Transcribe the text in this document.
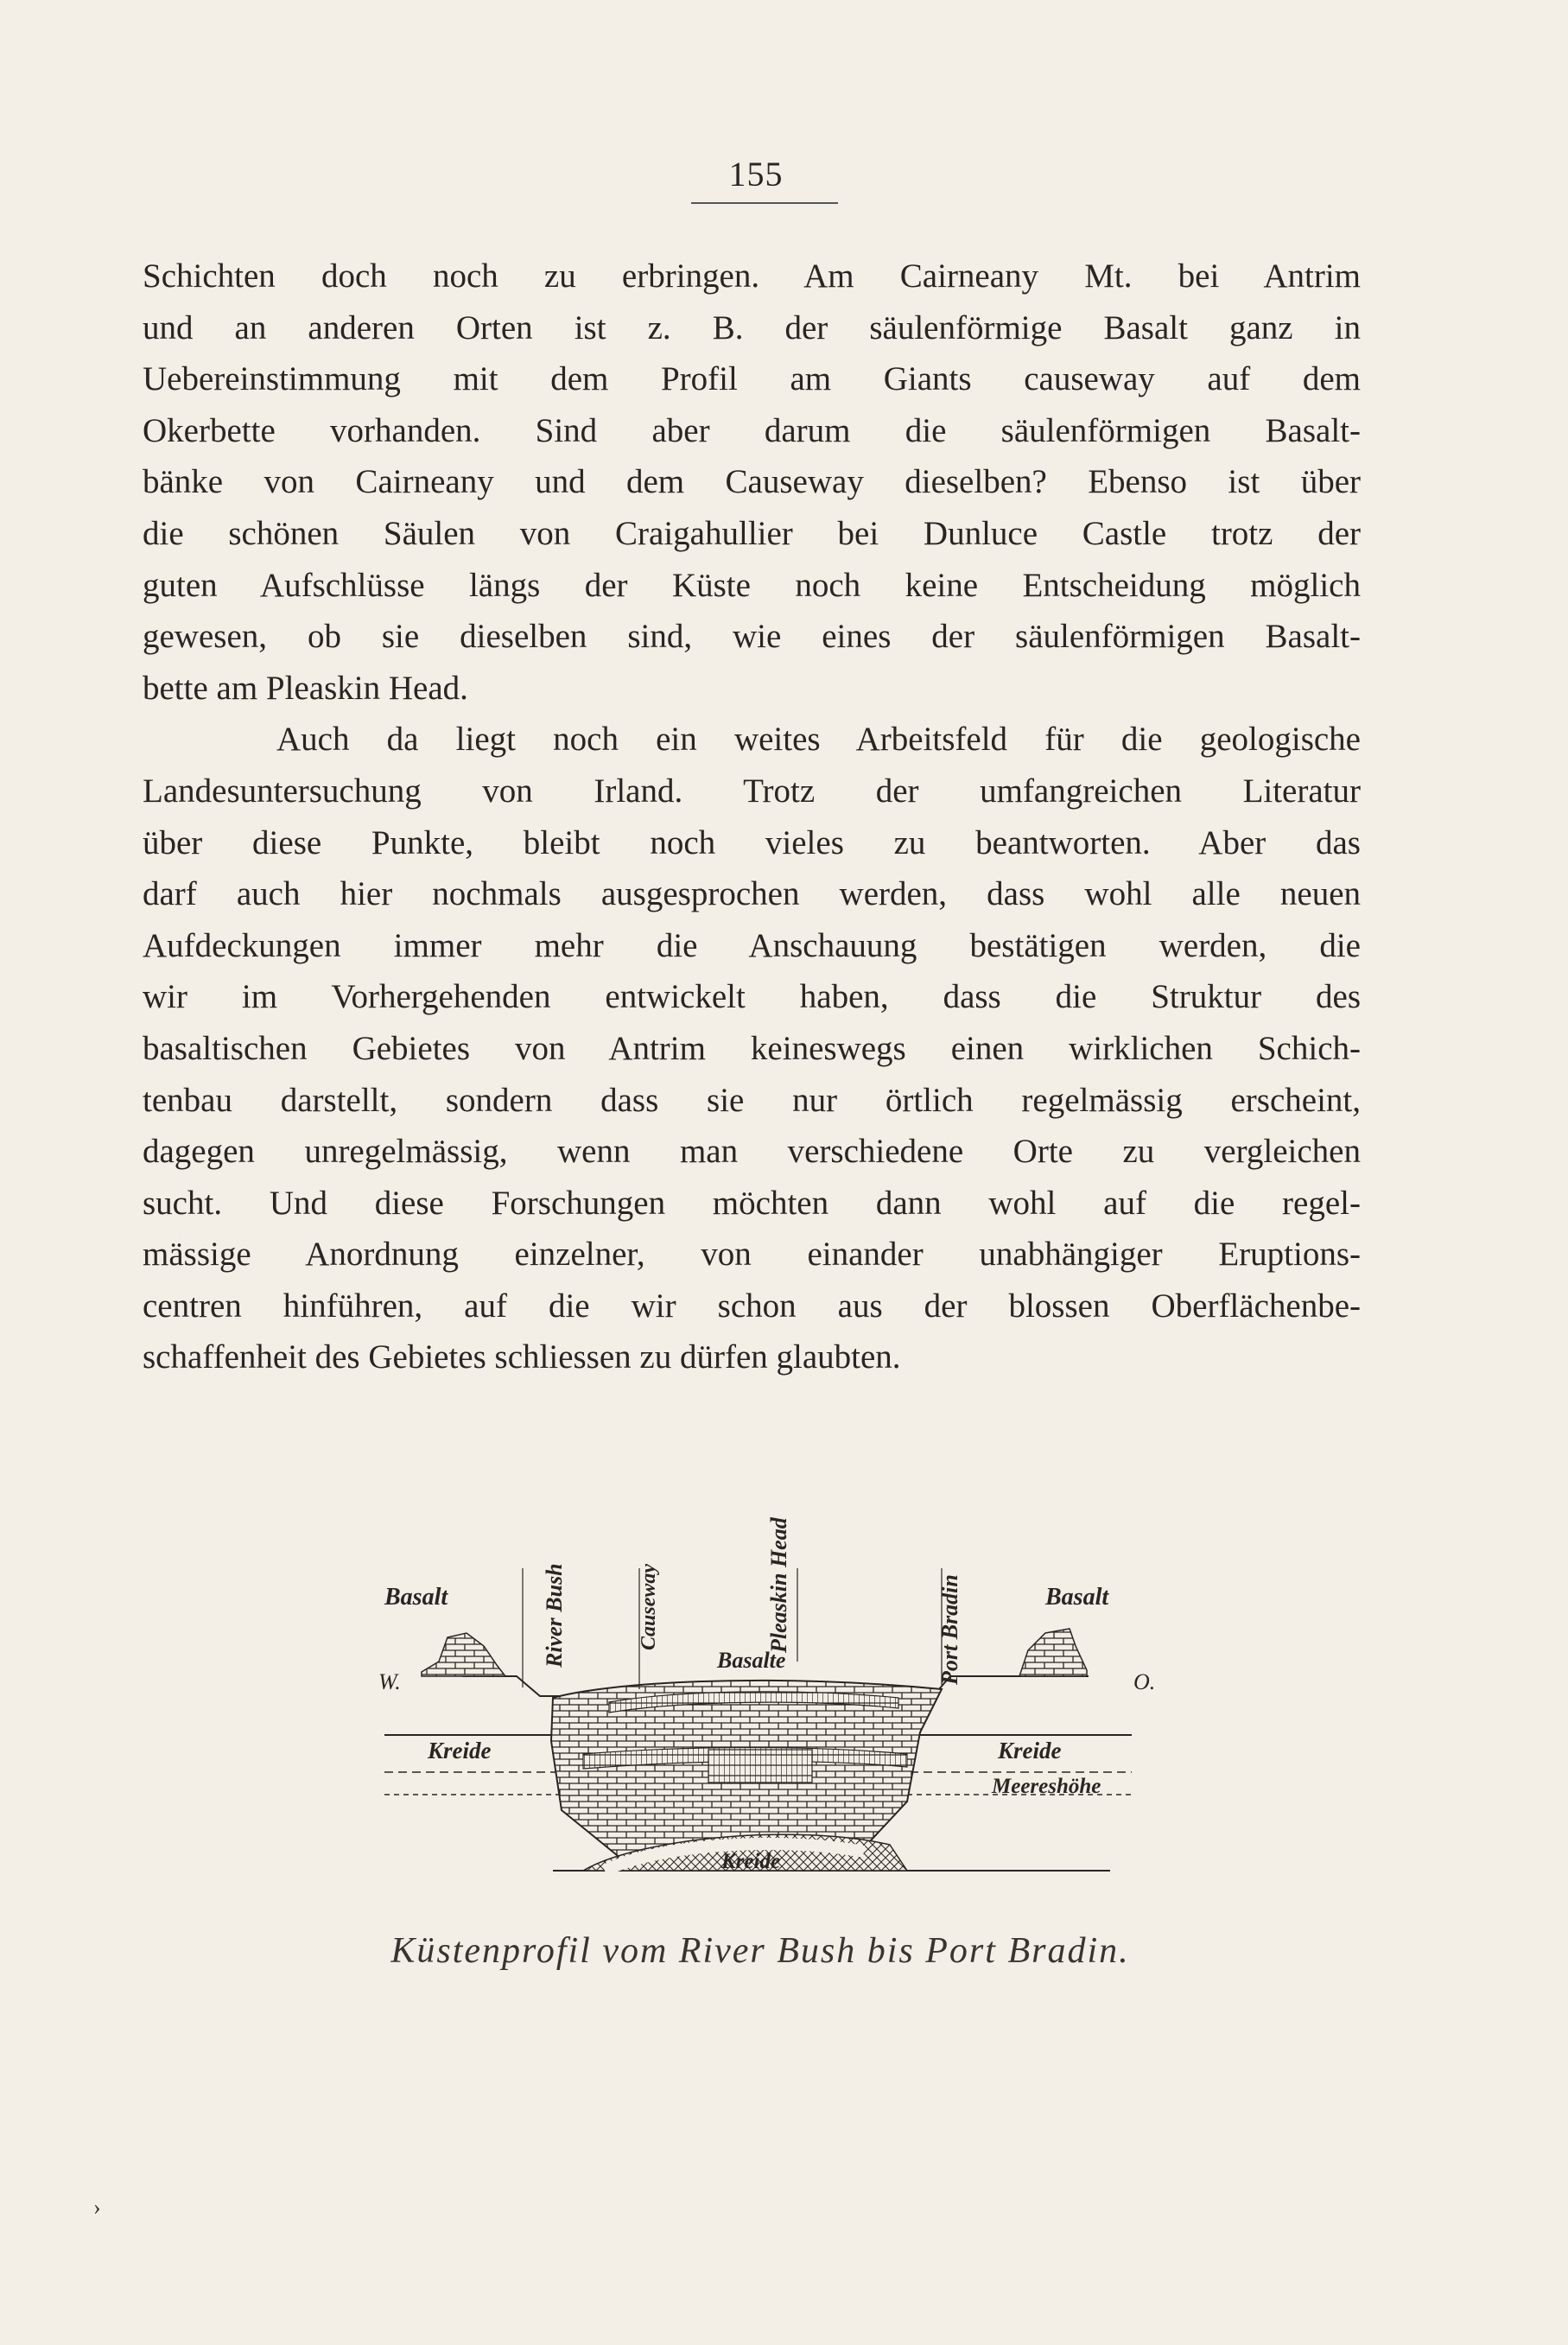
155
Schichten doch noch zu erbringen. Am Cairneany Mt. bei Antrim
und an anderen Orten ist z. B. der säulenförmige Basalt ganz in
Uebereinstimmung mit dem Profil am Giants causeway auf dem
Okerbette vorhanden. Sind aber darum die säulenförmigen Basalt-
bänke von Cairneany und dem Causeway dieselben? Ebenso ist über
die schönen Säulen von Craigahullier bei Dunluce Castle trotz der
guten Aufschlüsse längs der Küste noch keine Entscheidung möglich
gewesen, ob sie dieselben sind, wie eines der säulenförmigen Basalt-
bette am Pleaskin Head.
Auch da liegt noch ein weites Arbeitsfeld für die geologische
Landesuntersuchung von Irland. Trotz der umfangreichen Literatur
über diese Punkte, bleibt noch vieles zu beantworten. Aber das
darf auch hier nochmals ausgesprochen werden, dass wohl alle neuen
Aufdeckungen immer mehr die Anschauung bestätigen werden, die
wir im Vorhergehenden entwickelt haben, dass die Struktur des
basaltischen Gebietes von Antrim keineswegs einen wirklichen Schich-
tenbau darstellt, sondern dass sie nur örtlich regelmässig erscheint,
dagegen unregelmässig, wenn man verschiedene Orte zu vergleichen
sucht. Und diese Forschungen möchten dann wohl auf die regel-
mässige Anordnung einzelner, von einander unabhängiger Eruptions-
centren hinführen, auf die wir schon aus der blossen Oberflächenbe-
schaffenheit des Gebietes schliessen zu dürfen glaubten.
Basalt	Basalt
W.	O.
River Bush	Causeway	Pleaskin Head	Port Bradin
Basalte
Kreide	Kreide
Meereshöhe
Kreide
Küstenprofil vom River Bush bis Port Bradin.
›
